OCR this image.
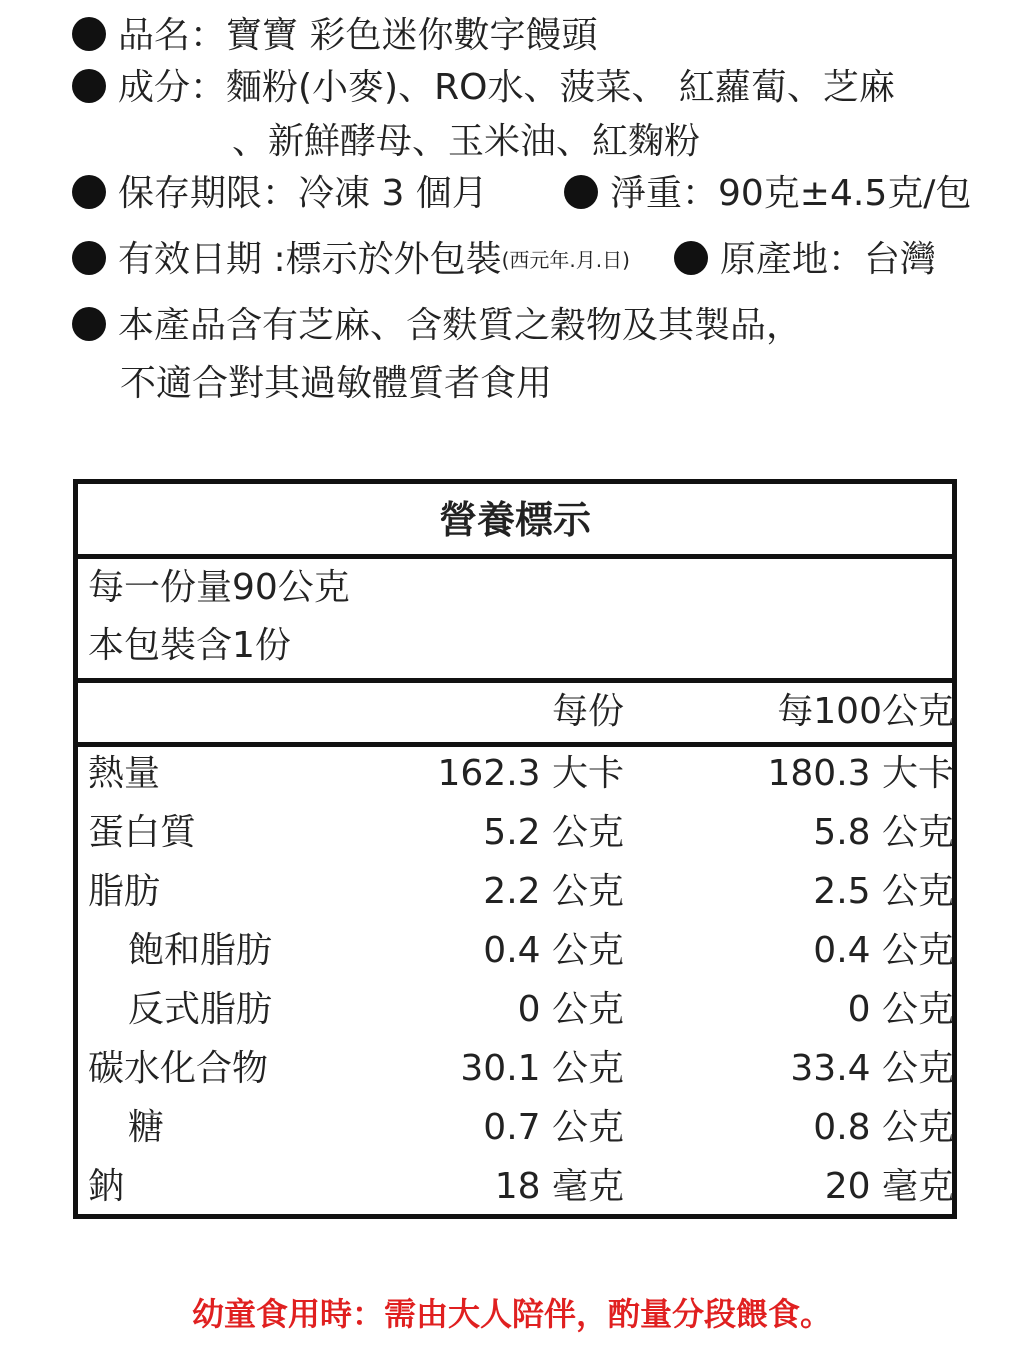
品名：寶寶 彩色迷你數字饅頭
成分：麵粉(小麥)、RO水、菠菜、 紅蘿蔔、芝麻
、新鮮酵母、玉米油、紅麴粉
保存期限：冷凍 3 個月	淨重：90克±4.5克/包
有效日期 :標示於外包裝(西元年.月.日)	原產地：台灣
本產品含有芝麻、含麩質之穀物及其製品，
不適合對其過敏體質者食用
營養標示
每一份量90公克
本包裝含1份
每份	每100公克
熱量	162.3 大卡	180.3 大卡
蛋白質	5.2 公克	5.8 公克
脂肪	2.2 公克	2.5 公克
飽和脂肪	0.4 公克	0.4 公克
反式脂肪	0 公克	0 公克
碳水化合物	30.1 公克	33.4 公克
糖	0.7 公克	0.8 公克
鈉	18 毫克	20 毫克
幼童食用時：需由大人陪伴，酌量分段餵食。
